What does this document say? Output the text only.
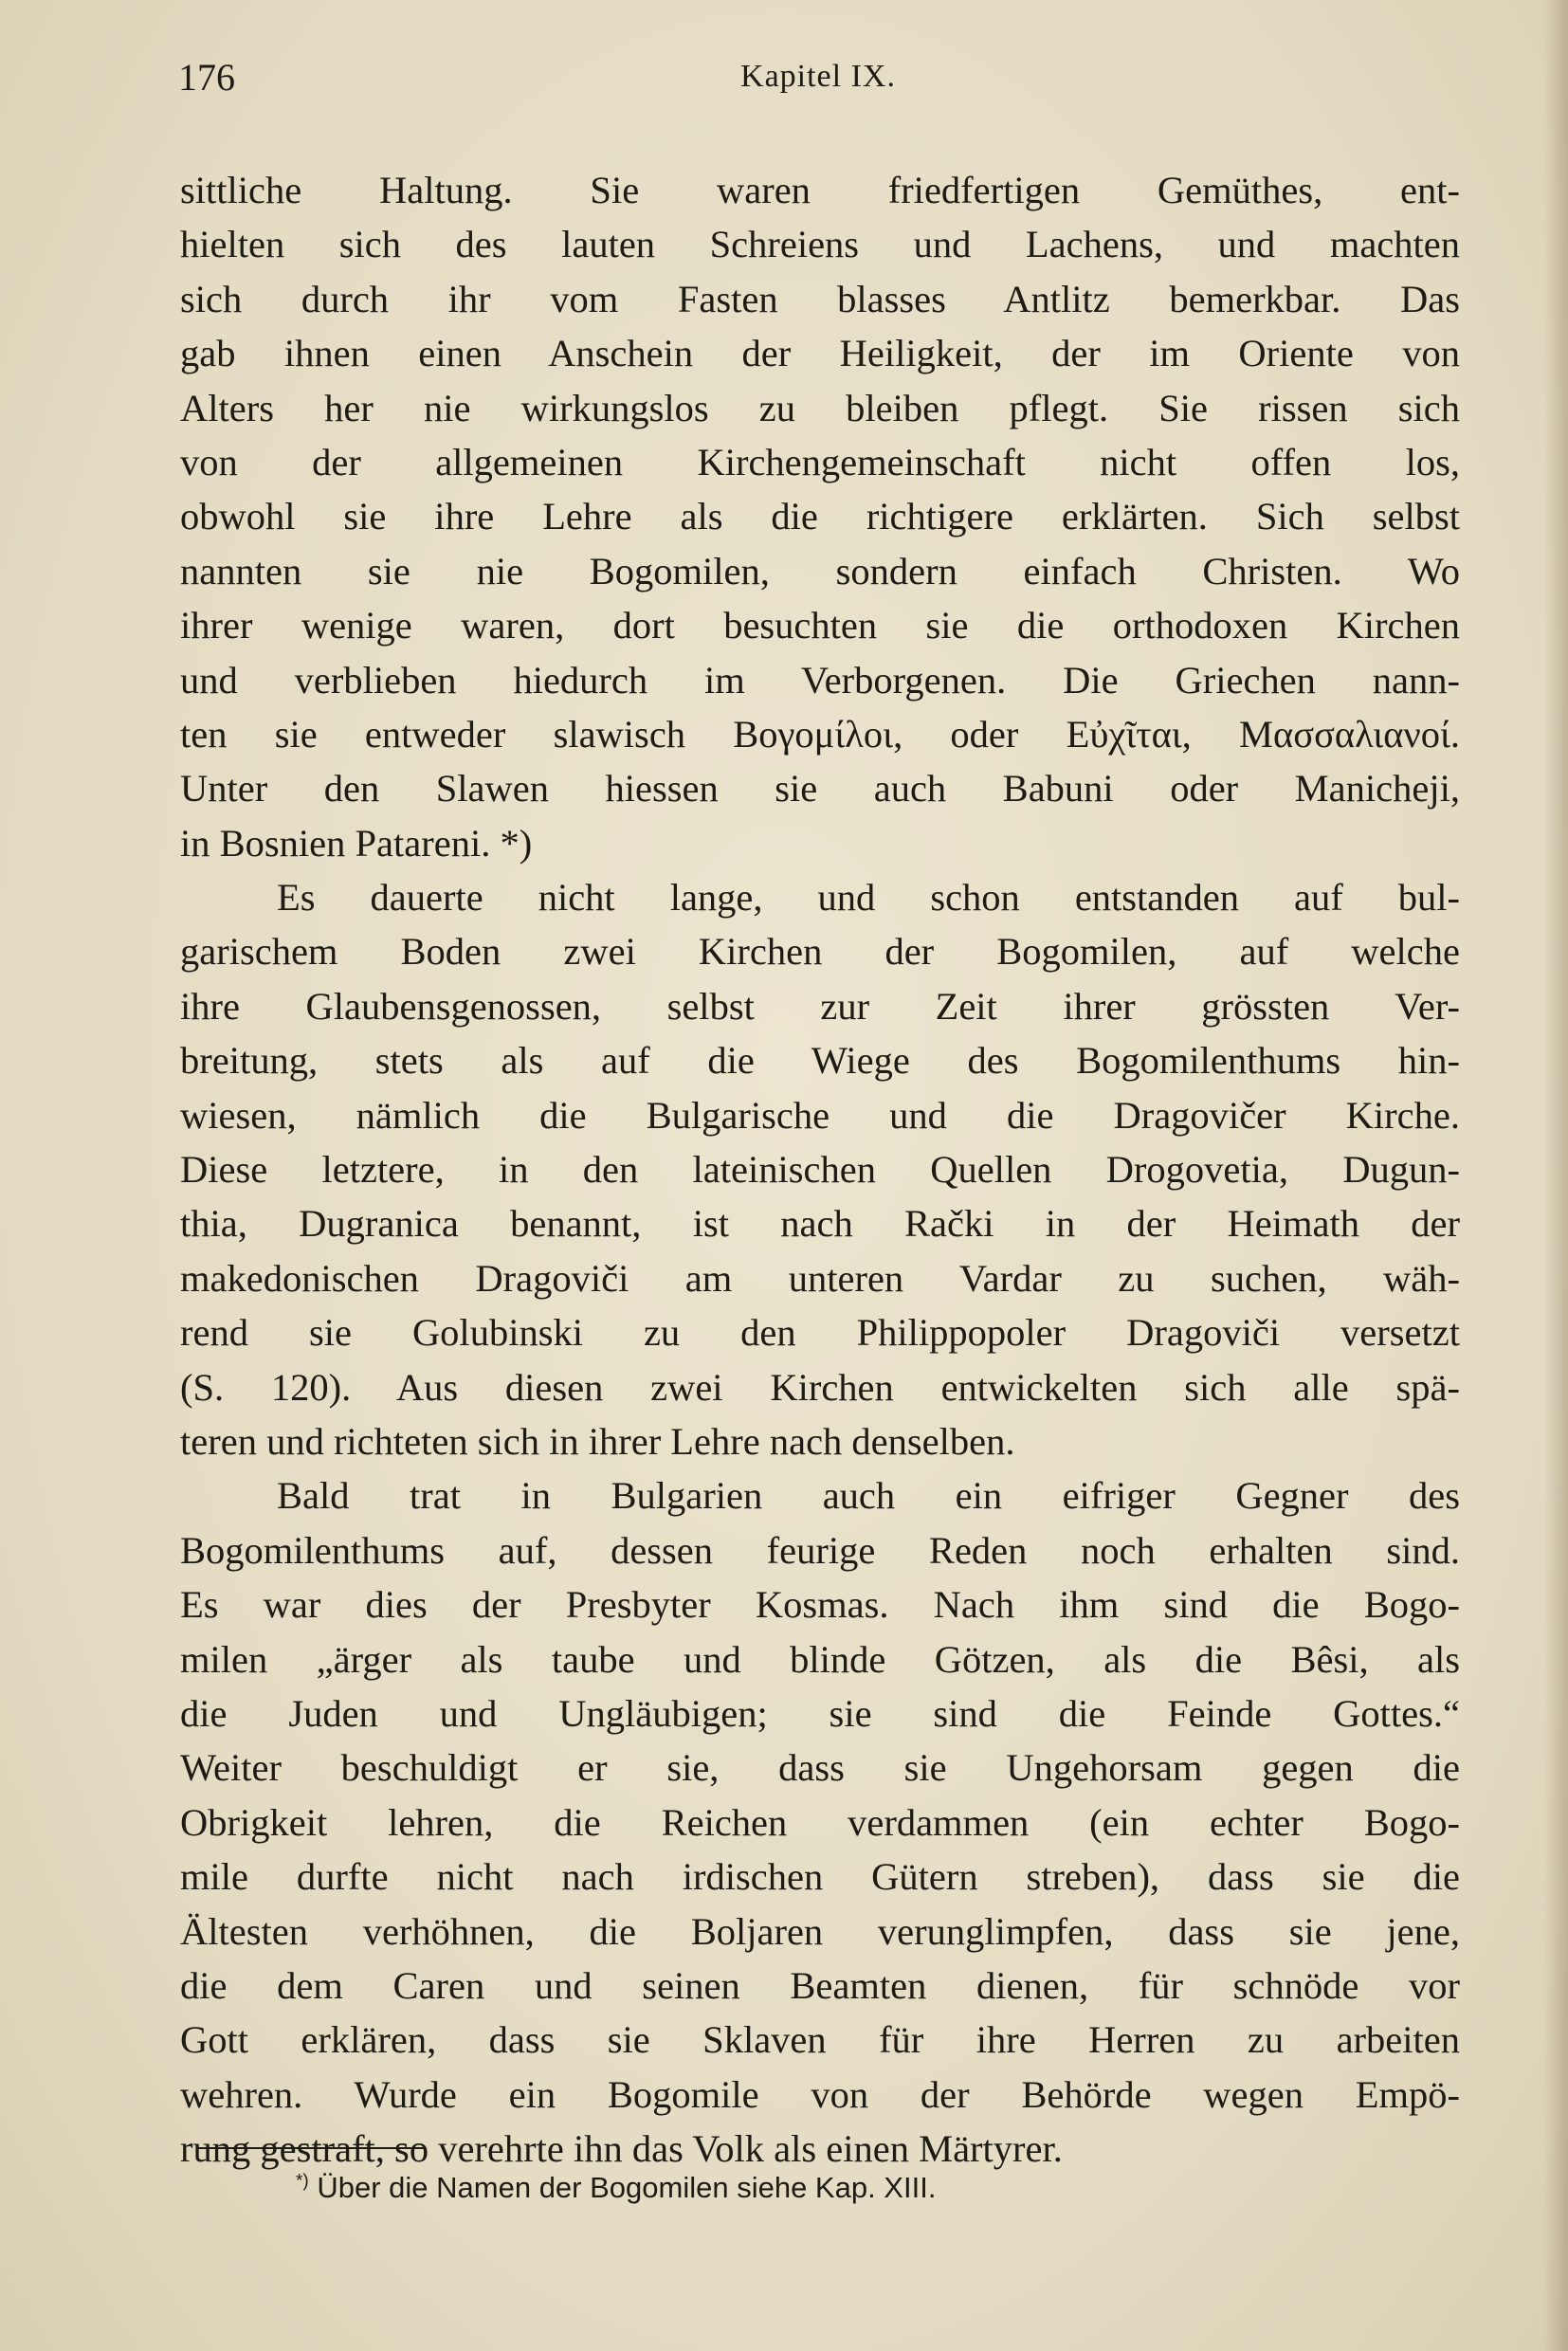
176	Kapitel IX.
sittliche Haltung. Sie waren friedfertigen Gemüthes, ent-
hielten sich des lauten Schreiens und Lachens, und machten
sich durch ihr vom Fasten blasses Antlitz bemerkbar. Das
gab ihnen einen Anschein der Heiligkeit, der im Oriente von
Alters her nie wirkungslos zu bleiben pflegt. Sie rissen sich
von der allgemeinen Kirchengemeinschaft nicht offen los,
obwohl sie ihre Lehre als die richtigere erklärten. Sich selbst
nannten sie nie Bogomilen, sondern einfach Christen. Wo
ihrer wenige waren, dort besuchten sie die orthodoxen Kirchen
und verblieben hiedurch im Verborgenen. Die Griechen nann-
ten sie entweder slawisch Βογομίλοι, oder Εὐχῖται, Μασσαλιανοί.
Unter den Slawen hiessen sie auch Babuni oder Manicheji,
in Bosnien Patareni. *)
Es dauerte nicht lange, und schon entstanden auf bul-
garischem Boden zwei Kirchen der Bogomilen, auf welche
ihre Glaubensgenossen, selbst zur Zeit ihrer grössten Ver-
breitung, stets als auf die Wiege des Bogomilenthums hin-
wiesen, nämlich die Bulgarische und die Dragovičer Kirche.
Diese letztere, in den lateinischen Quellen Drogovetia, Dugun-
thia, Dugranica benannt, ist nach Rački in der Heimath der
makedonischen Dragoviči am unteren Vardar zu suchen, wäh-
rend sie Golubinski zu den Philippopoler Dragoviči versetzt
(S. 120). Aus diesen zwei Kirchen entwickelten sich alle spä-
teren und richteten sich in ihrer Lehre nach denselben.
Bald trat in Bulgarien auch ein eifriger Gegner des
Bogomilenthums auf, dessen feurige Reden noch erhalten sind.
Es war dies der Presbyter Kosmas. Nach ihm sind die Bogo-
milen „ärger als taube und blinde Götzen, als die Bêsi, als
die Juden und Ungläubigen; sie sind die Feinde Gottes.“
Weiter beschuldigt er sie, dass sie Ungehorsam gegen die
Obrigkeit lehren, die Reichen verdammen (ein echter Bogo-
mile durfte nicht nach irdischen Gütern streben), dass sie die
Ältesten verhöhnen, die Boljaren verunglimpfen, dass sie jene,
die dem Caren und seinen Beamten dienen, für schnöde vor
Gott erklären, dass sie Sklaven für ihre Herren zu arbeiten
wehren. Wurde ein Bogomile von der Behörde wegen Empö-
rung gestraft, so verehrte ihn das Volk als einen Märtyrer.
*) Über die Namen der Bogomilen siehe Kap. XIII.
